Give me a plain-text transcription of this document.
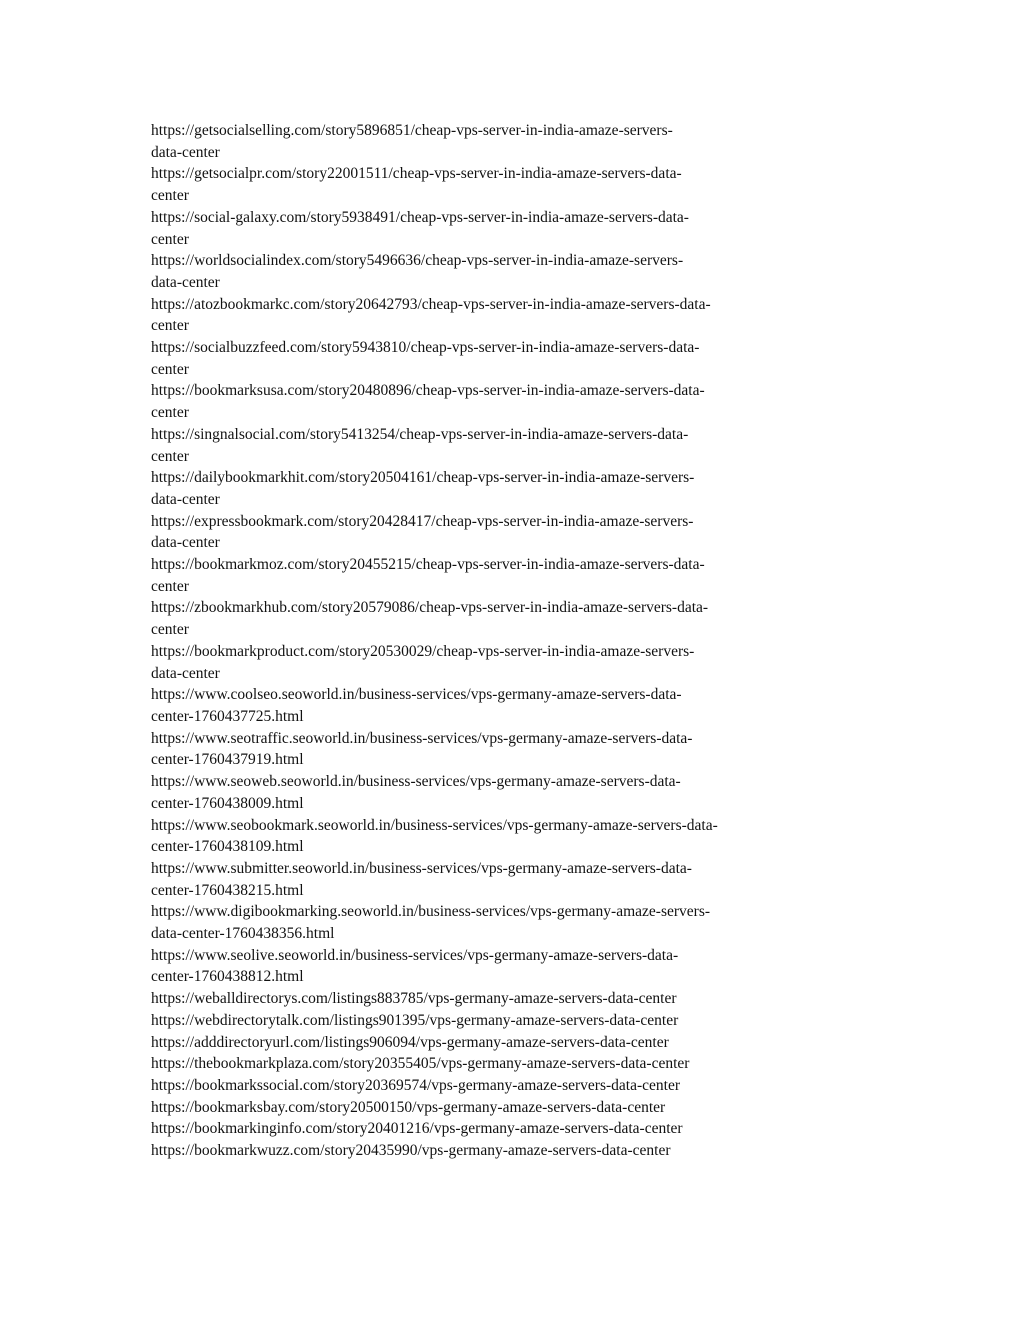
https://getsocialselling.com/story5896851/cheap-vps-server-in-india-amaze-servers-
data-center
https://getsocialpr.com/story22001511/cheap-vps-server-in-india-amaze-servers-data-
center
https://social-galaxy.com/story5938491/cheap-vps-server-in-india-amaze-servers-data-
center
https://worldsocialindex.com/story5496636/cheap-vps-server-in-india-amaze-servers-
data-center
https://atozbookmarkc.com/story20642793/cheap-vps-server-in-india-amaze-servers-data-
center
https://socialbuzzfeed.com/story5943810/cheap-vps-server-in-india-amaze-servers-data-
center
https://bookmarksusa.com/story20480896/cheap-vps-server-in-india-amaze-servers-data-
center
https://singnalsocial.com/story5413254/cheap-vps-server-in-india-amaze-servers-data-
center
https://dailybookmarkhit.com/story20504161/cheap-vps-server-in-india-amaze-servers-
data-center
https://expressbookmark.com/story20428417/cheap-vps-server-in-india-amaze-servers-
data-center
https://bookmarkmoz.com/story20455215/cheap-vps-server-in-india-amaze-servers-data-
center
https://zbookmarkhub.com/story20579086/cheap-vps-server-in-india-amaze-servers-data-
center
https://bookmarkproduct.com/story20530029/cheap-vps-server-in-india-amaze-servers-
data-center
https://www.coolseo.seoworld.in/business-services/vps-germany-amaze-servers-data-
center-1760437725.html
https://www.seotraffic.seoworld.in/business-services/vps-germany-amaze-servers-data-
center-1760437919.html
https://www.seoweb.seoworld.in/business-services/vps-germany-amaze-servers-data-
center-1760438009.html
https://www.seobookmark.seoworld.in/business-services/vps-germany-amaze-servers-data-
center-1760438109.html
https://www.submitter.seoworld.in/business-services/vps-germany-amaze-servers-data-
center-1760438215.html
https://www.digibookmarking.seoworld.in/business-services/vps-germany-amaze-servers-
data-center-1760438356.html
https://www.seolive.seoworld.in/business-services/vps-germany-amaze-servers-data-
center-1760438812.html
https://weballdirectorys.com/listings883785/vps-germany-amaze-servers-data-center
https://webdirectorytalk.com/listings901395/vps-germany-amaze-servers-data-center
https://adddirectoryurl.com/listings906094/vps-germany-amaze-servers-data-center
https://thebookmarkplaza.com/story20355405/vps-germany-amaze-servers-data-center
https://bookmarkssocial.com/story20369574/vps-germany-amaze-servers-data-center
https://bookmarksbay.com/story20500150/vps-germany-amaze-servers-data-center
https://bookmarkinginfo.com/story20401216/vps-germany-amaze-servers-data-center
https://bookmarkwuzz.com/story20435990/vps-germany-amaze-servers-data-center
